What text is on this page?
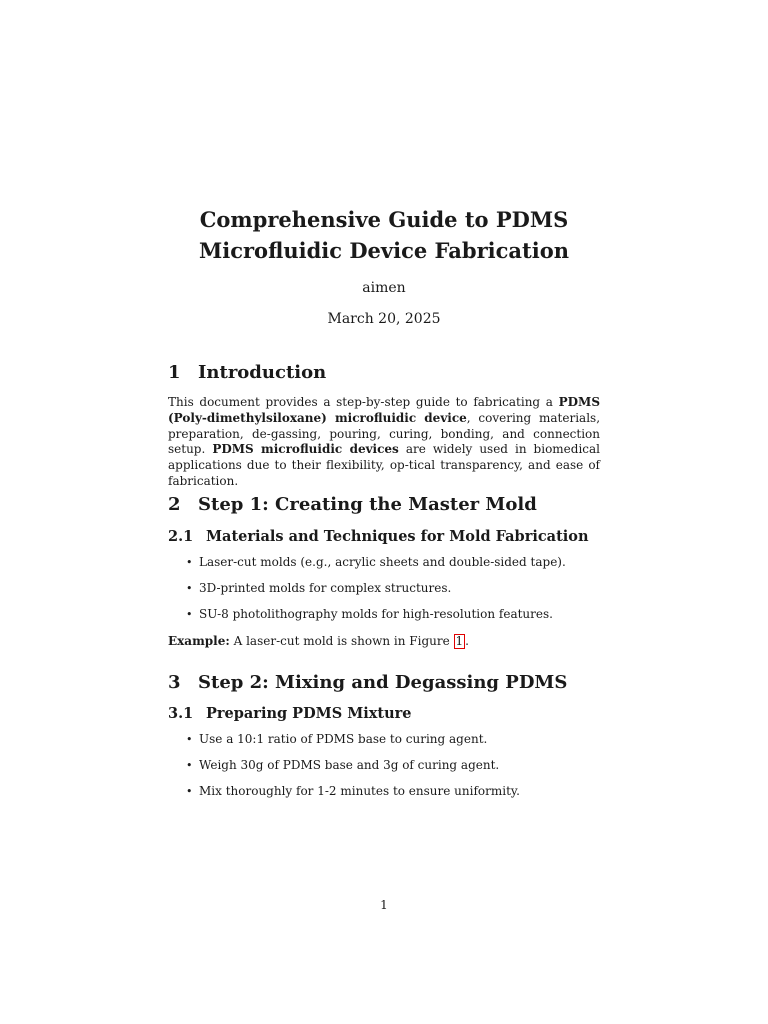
Comprehensive Guide to PDMS
Microfluidic Device Fabrication
aimen
March 20, 2025
1 Introduction
This document provides a step-by-step guide to fabricating a PDMS (Poly-dimethylsiloxane) microfluidic device, covering materials, preparation, de-gassing, pouring, curing, bonding, and connection setup. PDMS microfluidic devices are widely used in biomedical applications due to their flexibility, op-tical transparency, and ease of fabrication.
2 Step 1: Creating the Master Mold
2.1 Materials and Techniques for Mold Fabrication
• Laser-cut molds (e.g., acrylic sheets and double-sided tape).
• 3D-printed molds for complex structures.
• SU-8 photolithography molds for high-resolution features.
Example: A laser-cut mold is shown in Figure 1 .
3 Step 2: Mixing and Degassing PDMS
3.1 Preparing PDMS Mixture
• Use a 10:1 ratio of PDMS base to curing agent.
• Weigh 30g of PDMS base and 3g of curing agent.
• Mix thoroughly for 1-2 minutes to ensure uniformity.
1
